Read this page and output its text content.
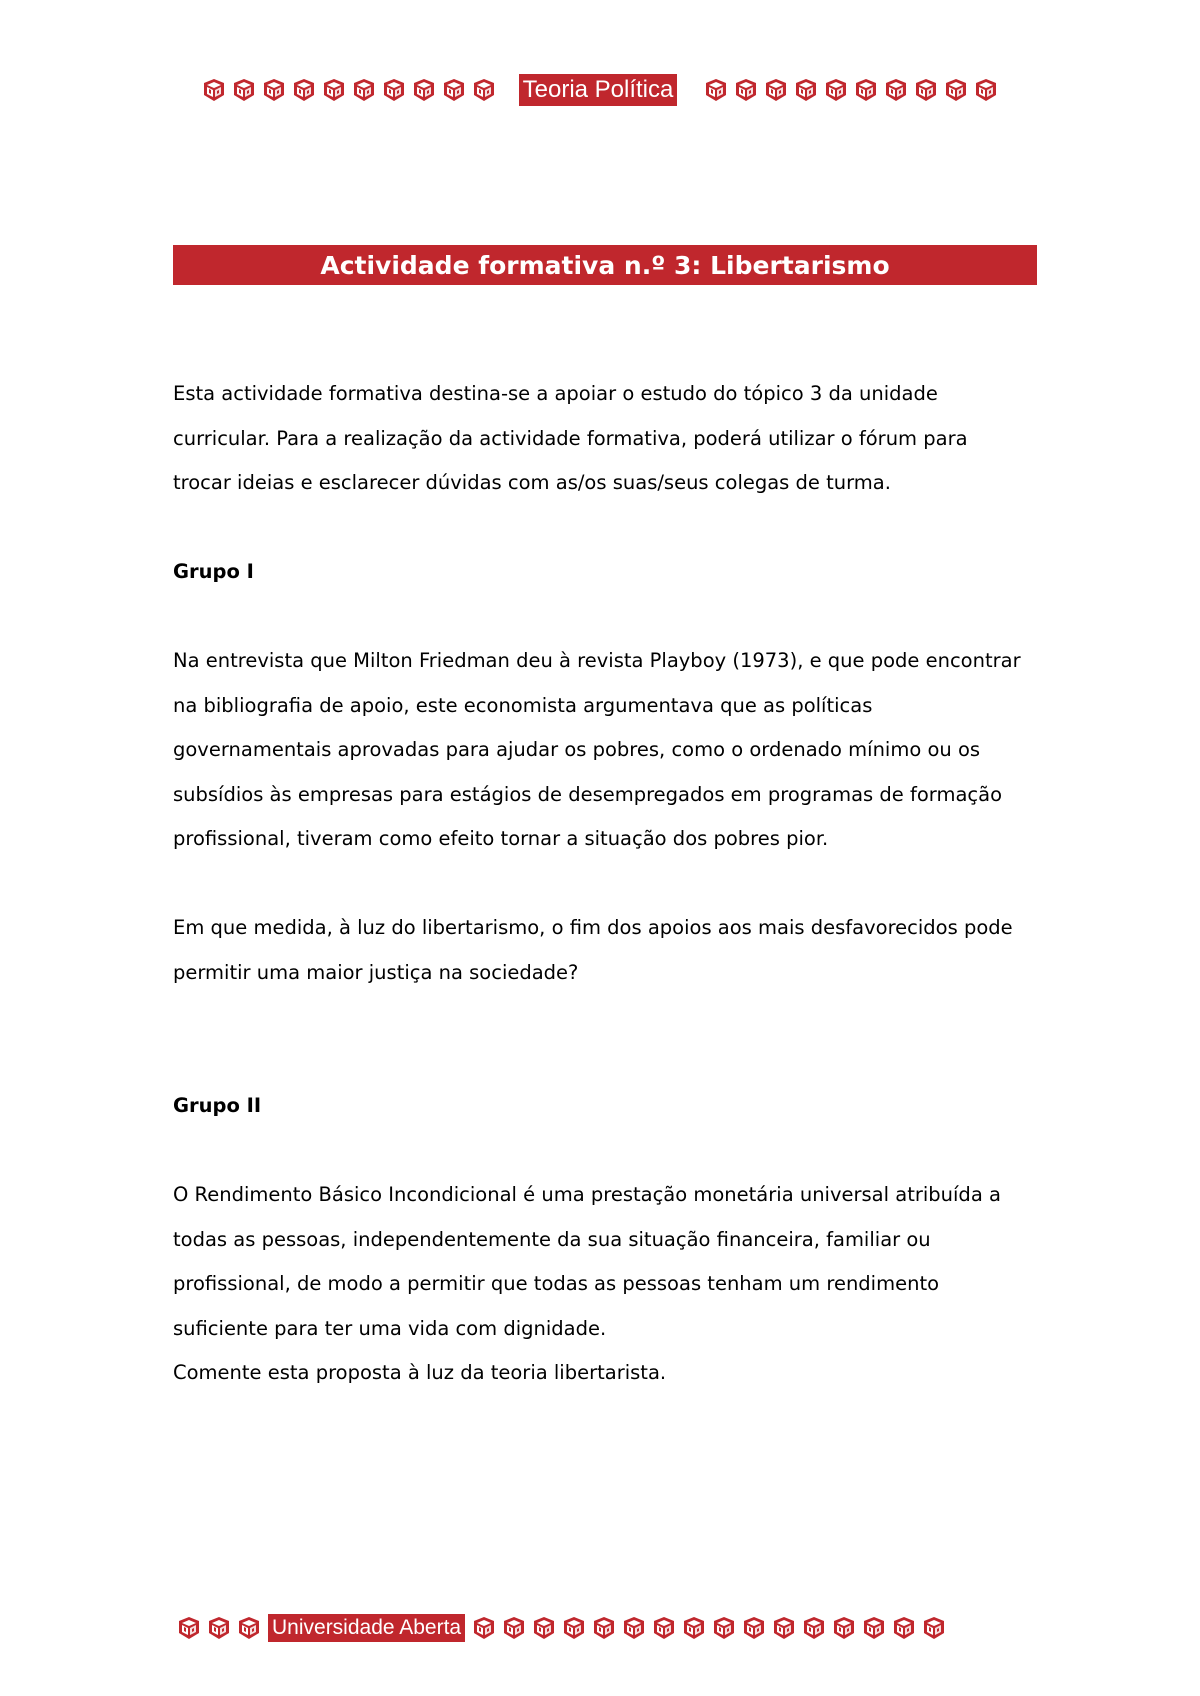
Teoria Política
Actividade formativa n.º 3: Libertarismo

Esta actividade formativa destina-se a apoiar o estudo do tópico 3 da unidade

curricular. Para a realização da actividade formativa, poderá utilizar o fórum para

trocar ideias e esclarecer dúvidas com as/os suas/seus colegas de turma.

Grupo I

Na entrevista que Milton Friedman deu à revista Playboy (1973), e que pode encontrar

na bibliografia de apoio, este economista argumentava que as políticas

governamentais aprovadas para ajudar os pobres, como o ordenado mínimo ou os

subsídios às empresas para estágios de desempregados em programas de formação

profissional, tiveram como efeito tornar a situação dos pobres pior.

Em que medida, à luz do libertarismo, o fim dos apoios aos mais desfavorecidos pode

permitir uma maior justiça na sociedade?

Grupo II

O Rendimento Básico Incondicional é uma prestação monetária universal atribuída a

todas as pessoas, independentemente da sua situação financeira, familiar ou

profissional, de modo a permitir que todas as pessoas tenham um rendimento

suficiente para ter uma vida com dignidade.

Comente esta proposta à luz da teoria libertarista.

Universidade Aberta
